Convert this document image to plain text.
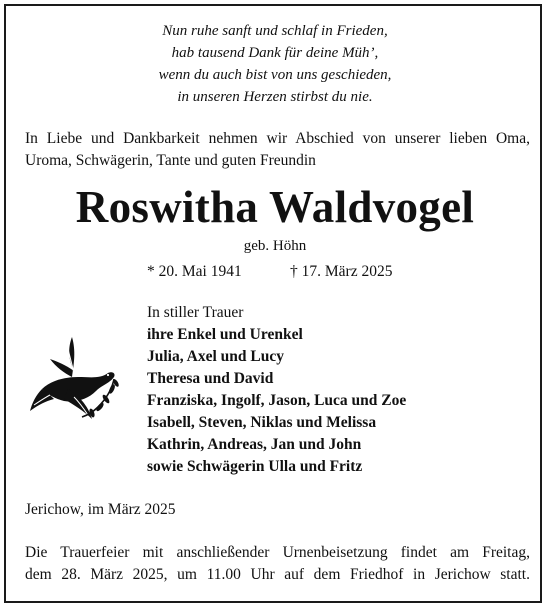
Nun ruhe sanft und schlaf in Frieden,
hab tausend Dank für deine Müh’,
wenn du auch bist von uns geschieden,
in unseren Herzen stirbst du nie.
In Liebe und Dankbarkeit nehmen wir Abschied von unserer lieben Oma,
Uroma, Schwägerin, Tante und guten Freundin
Roswitha Waldvogel
geb. Höhn
* 20. Mai 1941	† 17. März 2025
In stiller Trauer
ihre Enkel und Urenkel
Julia, Axel und Lucy
Theresa und David
Franziska, Ingolf, Jason, Luca und Zoe
Isabell, Steven, Niklas und Melissa
Kathrin, Andreas, Jan und John
sowie Schwägerin Ulla und Fritz
Jerichow, im März 2025
Die Trauerfeier mit anschließender Urnenbeisetzung findet am Freitag,
dem 28. März 2025, um 11.00 Uhr auf dem Friedhof in Jerichow statt.
